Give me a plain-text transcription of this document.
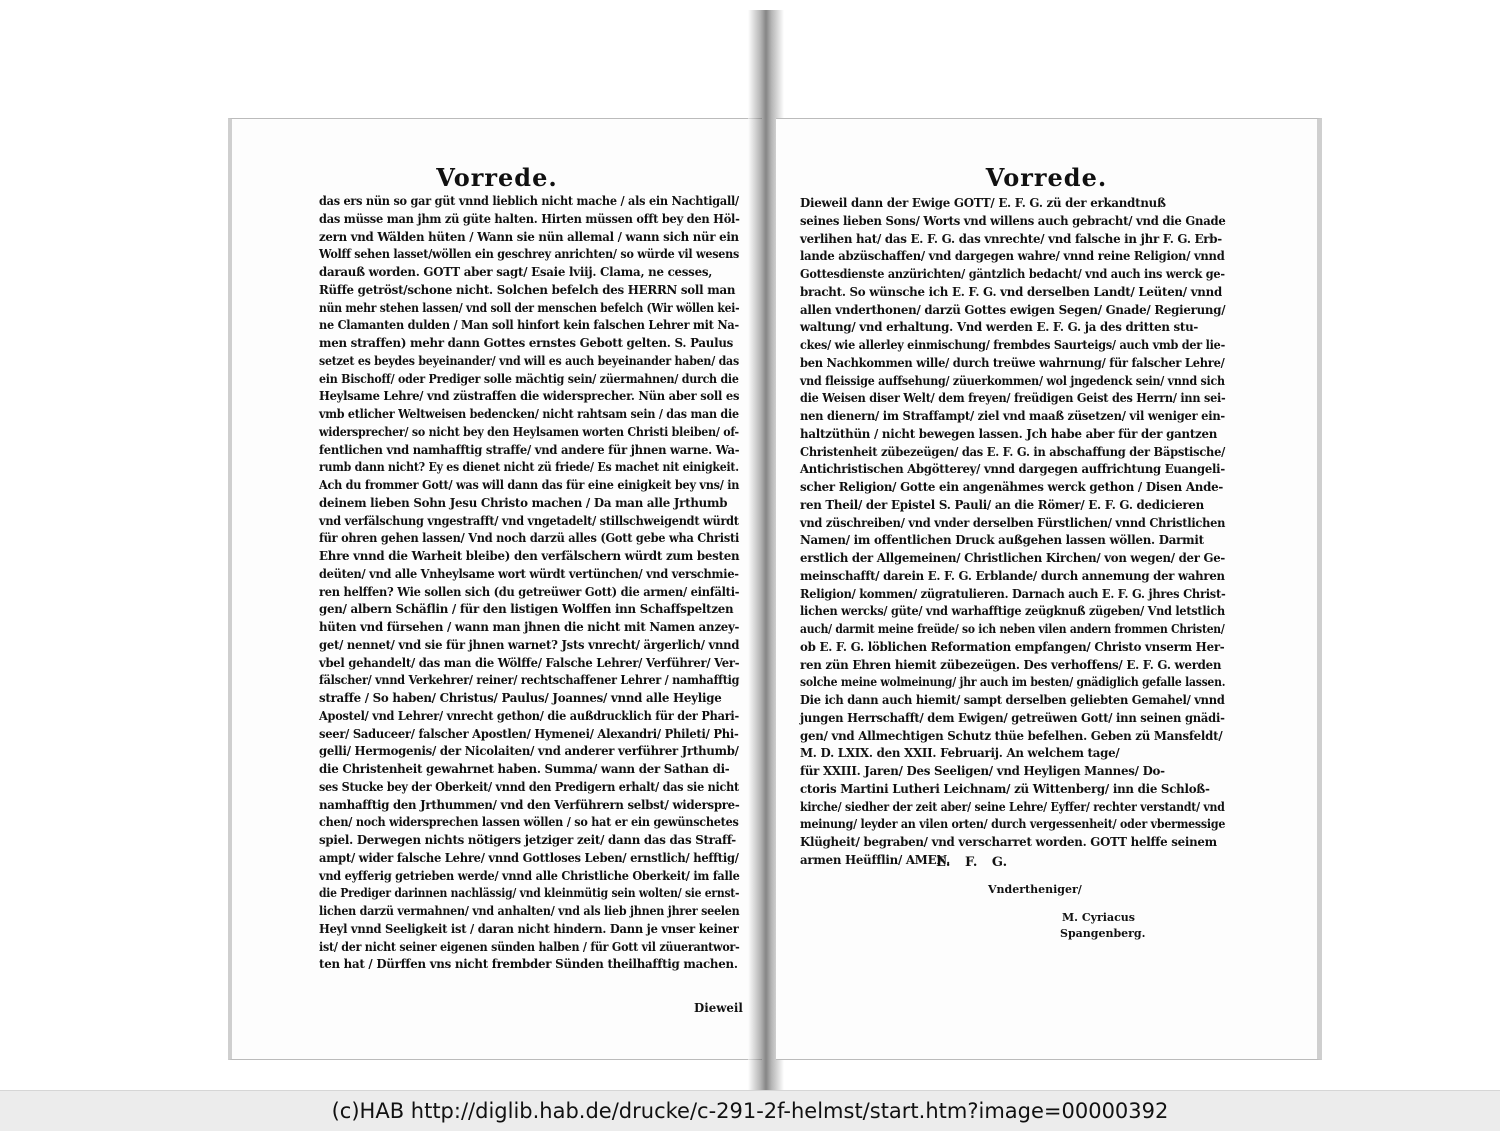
Vorrede.
das ers nün so gar güt vnnd lieblich nicht mache / als ein Nachtigall/
das müsse man jhm zü güte halten. Hirten müssen offt bey den Höl-
zern vnd Wälden hüten / Wann sie nün allemal / wann sich nür ein
Wolff sehen lasset/wöllen ein geschrey anrichten/ so würde vil wesens
darauß worden. GOTT aber sagt/ Esaie lviij. Clama, ne cesses,
Rüffe getröst/schone nicht. Solchen befelch des HERRN soll man
nün mehr stehen lassen/ vnd soll der menschen befelch (Wir wöllen kei-
ne Clamanten dulden / Man soll hinfort kein falschen Lehrer mit Na-
men straffen) mehr dann Gottes ernstes Gebott gelten. S. Paulus
setzet es beydes beyeinander/ vnd will es auch beyeinander haben/ das
ein Bischoff/ oder Prediger solle mächtig sein/ züermahnen/ durch die
Heylsame Lehre/ vnd züstraffen die widersprecher. Nün aber soll es
vmb etlicher Weltweisen bedencken/ nicht rahtsam sein / das man die
widersprecher/ so nicht bey den Heylsamen worten Christi bleiben/ of-
fentlichen vnd namhafftig straffe/ vnd andere für jhnen warne. Wa-
rumb dann nicht? Ey es dienet nicht zü friede/ Es machet nit einigkeit.
Ach du frommer Gott/ was will dann das für eine einigkeit bey vns/ in
deinem lieben Sohn Jesu Christo machen / Da man alle Jrthumb
vnd verfälschung vngestrafft/ vnd vngetadelt/ stillschweigendt würdt
für ohren gehen lassen/ Vnd noch darzü alles (Gott gebe wha Christi
Ehre vnnd die Warheit bleibe) den verfälschern würdt zum besten
deüten/ vnd alle Vnheylsame wort würdt vertünchen/ vnd verschmie-
ren helffen? Wie sollen sich (du getreüwer Gott) die armen/ einfälti-
gen/ albern Schäflin / für den listigen Wolffen inn Schaffspeltzen
hüten vnd fürsehen / wann man jhnen die nicht mit Namen anzey-
get/ nennet/ vnd sie für jhnen warnet? Jsts vnrecht/ ärgerlich/ vnnd
vbel gehandelt/ das man die Wölffe/ Falsche Lehrer/ Verführer/ Ver-
fälscher/ vnnd Verkehrer/ reiner/ rechtschaffener Lehrer / namhafftig
straffe / So haben/ Christus/ Paulus/ Joannes/ vnnd alle Heylige
Apostel/ vnd Lehrer/ vnrecht gethon/ die außdrucklich für der Phari-
seer/ Saduceer/ falscher Apostlen/ Hymenei/ Alexandri/ Phileti/ Phi-
gelli/ Hermogenis/ der Nicolaiten/ vnd anderer verführer Jrthumb/
die Christenheit gewahrnet haben. Summa/ wann der Sathan di-
ses Stucke bey der Oberkeit/ vnnd den Predigern erhalt/ das sie nicht
namhafftig den Jrthummen/ vnd den Verführern selbst/ widerspre-
chen/ noch widersprechen lassen wöllen / so hat er ein gewünschetes
spiel. Derwegen nichts nötigers jetziger zeit/ dann das das Straff-
ampt/ wider falsche Lehre/ vnnd Gottloses Leben/ ernstlich/ hefftig/
vnd eyfferig getrieben werde/ vnnd alle Christliche Oberkeit/ im falle
die Prediger darinnen nachlässig/ vnd kleinmütig sein wolten/ sie ernst-
lichen darzü vermahnen/ vnd anhalten/ vnd als lieb jhnen jhrer seelen
Heyl vnnd Seeligkeit ist / daran nicht hindern. Dann je vnser keiner
ist/ der nicht seiner eigenen sünden halben / für Gott vil züuerantwor-
ten hat / Dürffen vns nicht frembder Sünden theilhafftig machen.
Dieweil
Vorrede.
Dieweil dann der Ewige GOTT/ E. F. G. zü der erkandtnuß
seines lieben Sons/ Worts vnd willens auch gebracht/ vnd die Gnade
verlihen hat/ das E. F. G. das vnrechte/ vnd falsche in jhr F. G. Erb-
lande abzüschaffen/ vnd dargegen wahre/ vnnd reine Religion/ vnnd
Gottesdienste anzürichten/ gäntzlich bedacht/ vnd auch ins werck ge-
bracht. So wünsche ich E. F. G. vnd derselben Landt/ Leüten/ vnnd
allen vnderthonen/ darzü Gottes ewigen Segen/ Gnade/ Regierung/
waltung/ vnd erhaltung. Vnd werden E. F. G. ja des dritten stu-
ckes/ wie allerley einmischung/ frembdes Saurteigs/ auch vmb der lie-
ben Nachkommen wille/ durch treüwe wahrnung/ für falscher Lehre/
vnd fleissige auffsehung/ züuerkommen/ wol jngedenck sein/ vnnd sich
die Weisen diser Welt/ dem freyen/ freüdigen Geist des Herrn/ inn sei-
nen dienern/ im Straffampt/ ziel vnd maaß züsetzen/ vil weniger ein-
haltzüthün / nicht bewegen lassen. Jch habe aber für der gantzen
Christenheit zübezeügen/ das E. F. G. in abschaffung der Bäpstische/
Antichristischen Abgötterey/ vnnd dargegen auffrichtung Euangeli-
scher Religion/ Gotte ein angenähmes werck gethon / Disen Ande-
ren Theil/ der Epistel S. Pauli/ an die Römer/ E. F. G. dedicieren
vnd züschreiben/ vnd vnder derselben Fürstlichen/ vnnd Christlichen
Namen/ im offentlichen Druck außgehen lassen wöllen. Darmit
erstlich der Allgemeinen/ Christlichen Kirchen/ von wegen/ der Ge-
meinschafft/ darein E. F. G. Erblande/ durch annemung der wahren
Religion/ kommen/ zügratulieren. Darnach auch E. F. G. jhres Christ-
lichen wercks/ güte/ vnd warhafftige zeügknuß zügeben/ Vnd letstlich
auch/ darmit meine freüde/ so ich neben vilen andern frommen Christen/
ob E. F. G. löblichen Reformation empfangen/ Christo vnserm Her-
ren zün Ehren hiemit zübezeügen. Des verhoffens/ E. F. G. werden
solche meine wolmeinung/ jhr auch im besten/ gnädiglich gefalle lassen.
Die ich dann auch hiemit/ sampt derselben geliebten Gemahel/ vnnd
jungen Herrschafft/ dem Ewigen/ getreüwen Gott/ inn seinen gnädi-
gen/ vnd Allmechtigen Schutz thüe befelhen. Geben zü Mansfeldt/
M. D. LXIX. den XXII. Februarij. An welchem tage/
für XXIII. Jaren/ Des Seeligen/ vnd Heyligen Mannes/ Do-
ctoris Martini Lutheri Leichnam/ zü Wittenberg/ inn die Schloß-
kirche/ siedher der zeit aber/ seine Lehre/ Eyffer/ rechter verstandt/ vnd
meinung/ leyder an vilen orten/ durch vergessenheit/ oder vbermessige
Klügheit/ begraben/ vnd verscharret worden. GOTT helffe seinem
armen Heüfflin/ AMEN.
E. F. G.
Vndertheniger/
M. Cyriacus
Spangenberg.
(c)HAB http://diglib.hab.de/drucke/c-291-2f-helmst/start.htm?image=00000392
